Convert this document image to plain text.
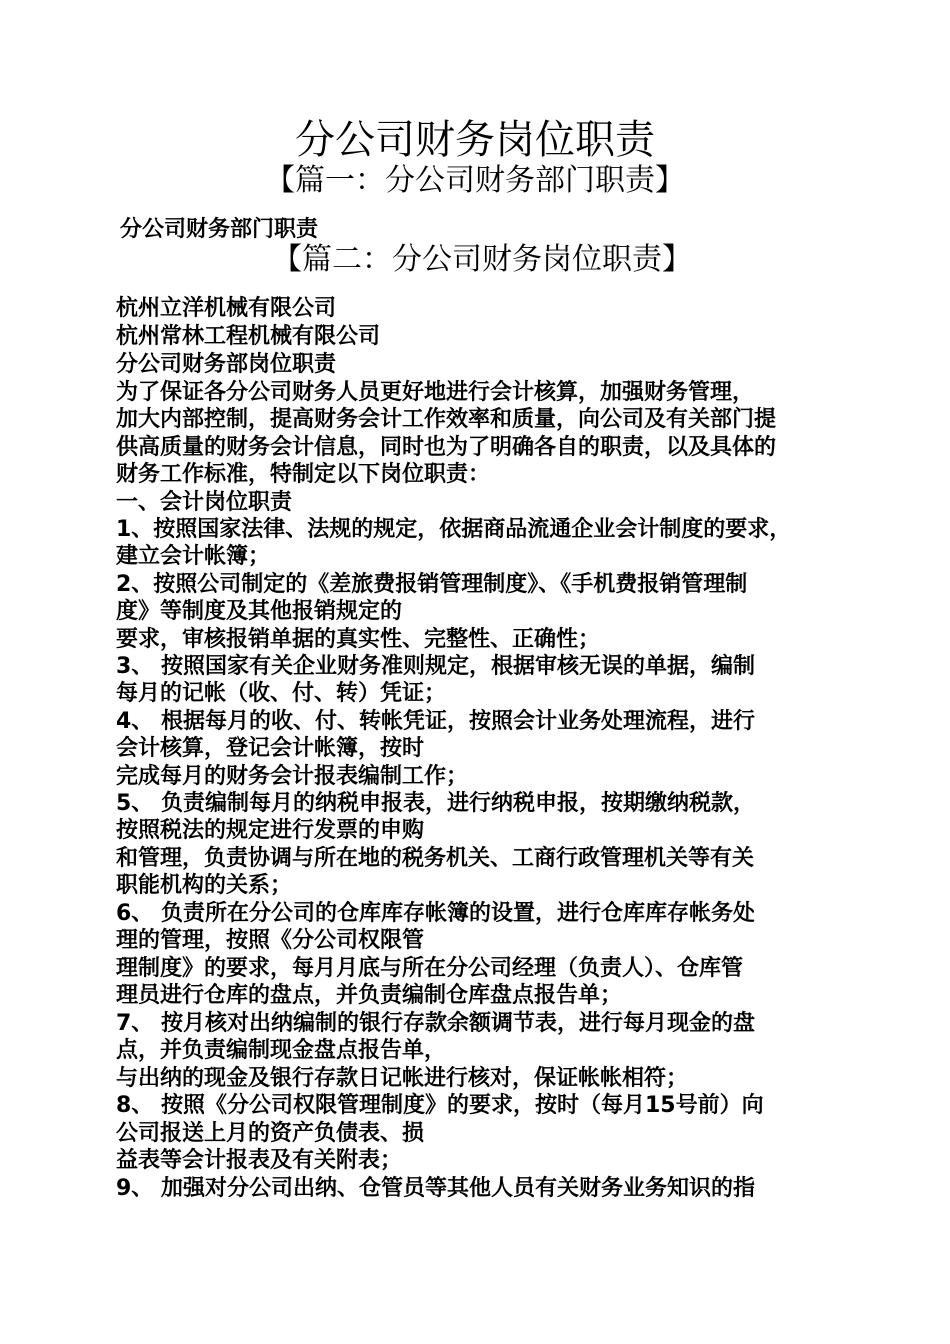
分公司财务岗位职责
【篇一：分公司财务部门职责】
分公司财务部门职责
【篇二：分公司财务岗位职责】
杭州立洋机械有限公司
杭州常林工程机械有限公司
分公司财务部岗位职责
为了保证各分公司财务人员更好地进行会计核算，加强财务管理，
加大内部控制，提高财务会计工作效率和质量，向公司及有关部门提
供高质量的财务会计信息，同时也为了明确各自的职责，以及具体的
财务工作标准，特制定以下岗位职责：
一、会计岗位职责
1、按照国家法律、法规的规定，依据商品流通企业会计制度的要求，
建立会计帐簿；
2、按照公司制定的《差旅费报销管理制度》、《手机费报销管理制
度》等制度及其他报销规定的
要求，审核报销单据的真实性、完整性、正确性；
3、 按照国家有关企业财务准则规定，根据审核无误的单据，编制
每月的记帐（收、付、转）凭证；
4、 根据每月的收、付、转帐凭证，按照会计业务处理流程，进行
会计核算，登记会计帐簿，按时
完成每月的财务会计报表编制工作；
5、 负责编制每月的纳税申报表，进行纳税申报，按期缴纳税款，
按照税法的规定进行发票的申购
和管理，负责协调与所在地的税务机关、工商行政管理机关等有关
职能机构的关系；
6、 负责所在分公司的仓库库存帐簿的设置，进行仓库库存帐务处
理的管理，按照《分公司权限管
理制度》的要求，每月月底与所在分公司经理（负责人）、仓库管
理员进行仓库的盘点，并负责编制仓库盘点报告单；
7、 按月核对出纳编制的银行存款余额调节表，进行每月现金的盘
点，并负责编制现金盘点报告单，
与出纳的现金及银行存款日记帐进行核对，保证帐帐相符；
8、 按照《分公司权限管理制度》的要求，按时（每月15号前）向
公司报送上月的资产负债表、损
益表等会计报表及有关附表；
9、 加强对分公司出纳、仓管员等其他人员有关财务业务知识的指
